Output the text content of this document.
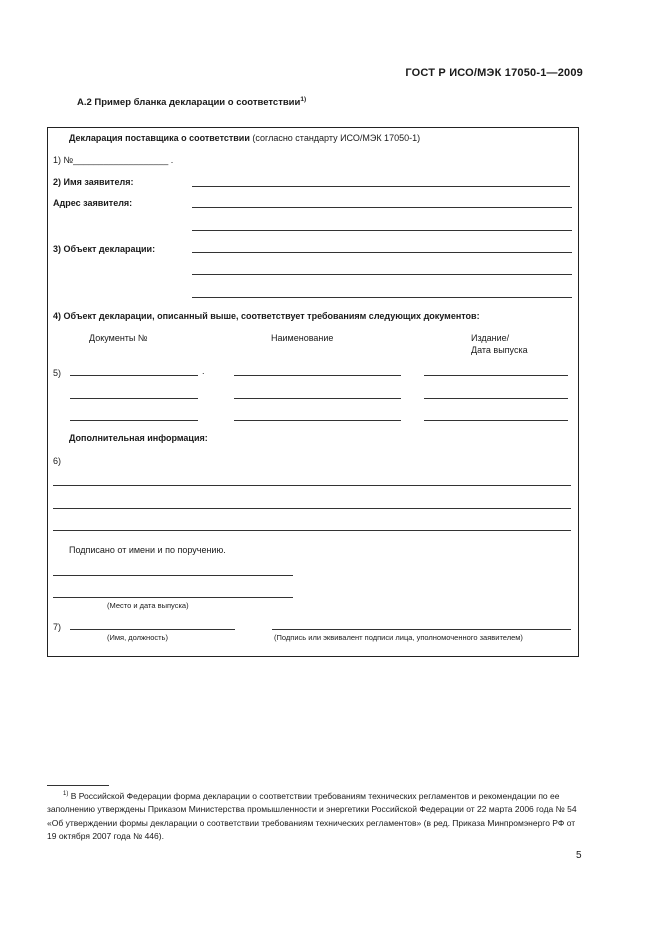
ГОСТ Р ИСО/МЭК 17050-1—2009
А.2 Пример бланка декларации о соответствии$^{1)}$
Декларация поставщика о соответствии (согласно стандарту ИСО/МЭК 17050-1)
1) №___________________ .
2) Имя заявителя:
Адрес заявителя:
3) Объект декларации:
4) Объект декларации, описанный выше, соответствует требованиям следующих документов:
Документы №	Наименование	Издание/
Дата выпуска
5)	.
Дополнительная информация:
6)
Подписано от имени и по поручению.
(Место и дата выпуска)
7)
(Имя, должность)	(Подпись или эквивалент подписи лица, уполномоченного заявителем)
$^{1)}$ В Российской Федерации форма декларации о соответствии требованиям технических регламентов и рекомендации по ее заполнению утверждены Приказом Министерства промышленности и энергетики Российской Федерации от 22 марта 2006 года № 54 «Об утверждении формы декларации о соответствии требованиям технических регламентов» (в ред. Приказа Минпромэнерго РФ от 19 октября 2007 года № 446).
5
